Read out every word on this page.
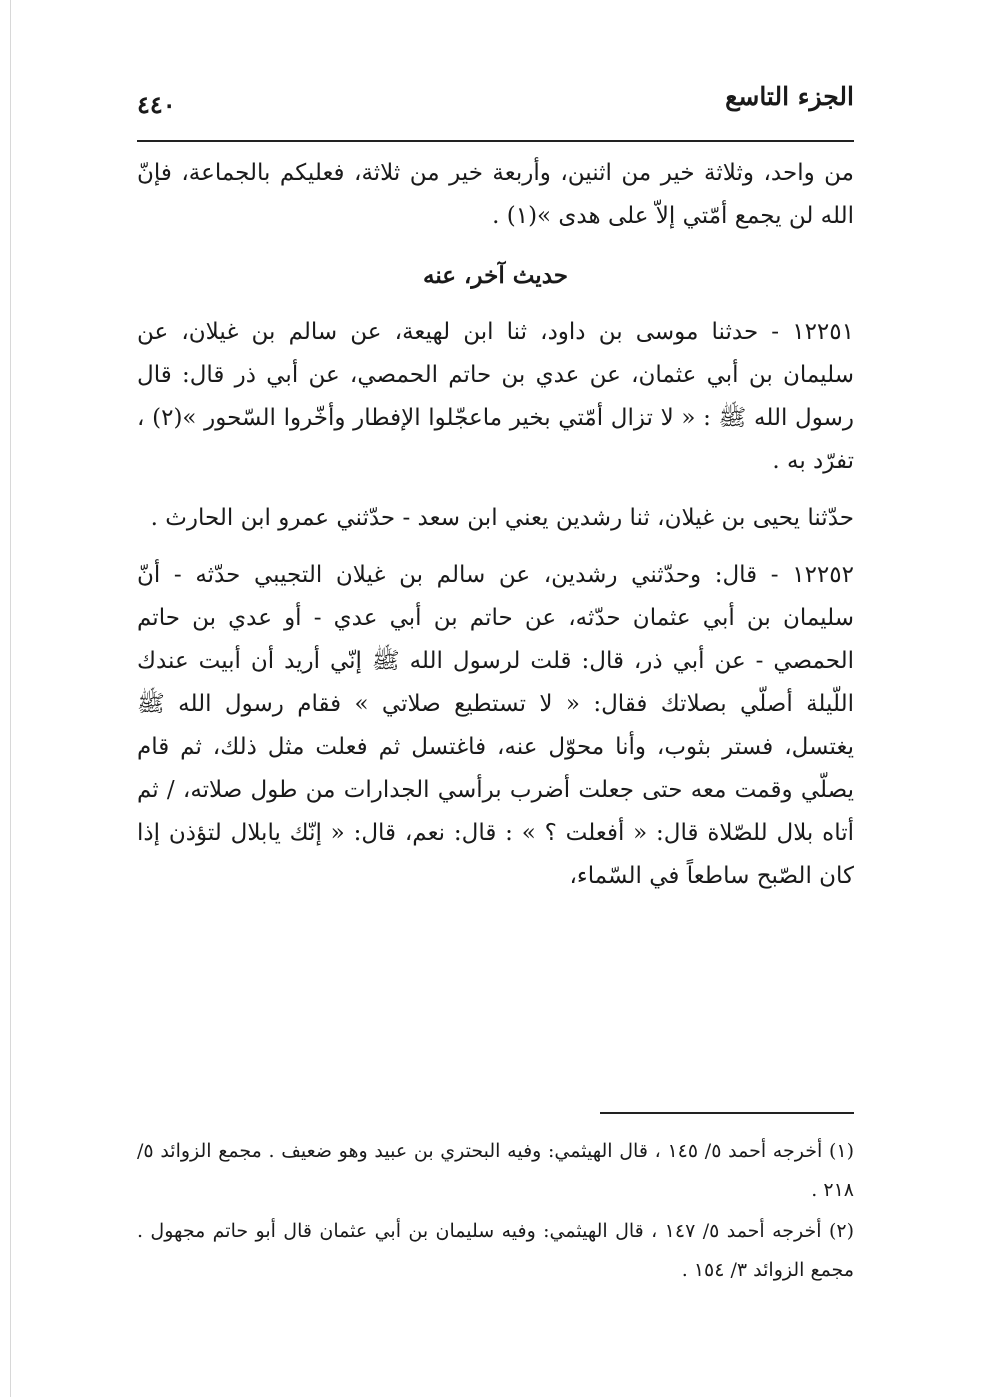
الجزء التاسع
٤٤٠

من واحد، وثلاثة خير من اثنين، وأربعة خير من ثلاثة، فعليكم بالجماعة، فإنّ الله لن يجمع أمّتي إلاّ على هدى »(١) .

حديث آخر، عنه

١٢٢٥١ - حدثنا موسى بن داود، ثنا ابن لهيعة، عن سالم بن غيلان، عن سليمان بن أبي عثمان، عن عدي بن حاتم الحمصي، عن أبي ذر قال: قال رسول الله ﷺ : « لا تزال أمّتي بخير ماعجّلوا الإفطار وأخّروا السّحور »(٢) ، تفرّد به .

حدّثنا يحيى بن غيلان، ثنا رشدين يعني ابن سعد - حدّثني عمرو ابن الحارث .

١٢٢٥٢ - قال: وحدّثني رشدين، عن سالم بن غيلان التجيبي حدّثه - أنّ سليمان بن أبي عثمان حدّثه، عن حاتم بن أبي عدي - أو عدي بن حاتم الحمصي - عن أبي ذر، قال: قلت لرسول الله ﷺ إنّي أريد أن أبيت عندك اللّيلة أصلّي بصلاتك فقال: « لا تستطيع صلاتي » فقام رسول الله ﷺ يغتسل، فستر بثوب، وأنا محوّل عنه، فاغتسل ثم فعلت مثل ذلك، ثم قام يصلّي وقمت معه حتى جعلت أضرب برأسي الجدارات من طول صلاته، / ثم أتاه بلال للصّلاة قال: « أفعلت ؟ » : قال: نعم، قال: « إنّك يابلال لتؤذن إذا كان الصّبح ساطعاً في السّماء،

(١) أخرجه أحمد ٥/ ١٤٥ ، قال الهيثمي: وفيه البحتري بن عبيد وهو ضعيف . مجمع الزوائد ٥/ ٢١٨ .

(٢) أخرجه أحمد ٥/ ١٤٧ ، قال الهيثمي: وفيه سليمان بن أبي عثمان قال أبو حاتم مجهول . مجمع الزوائد ٣/ ١٥٤ .
